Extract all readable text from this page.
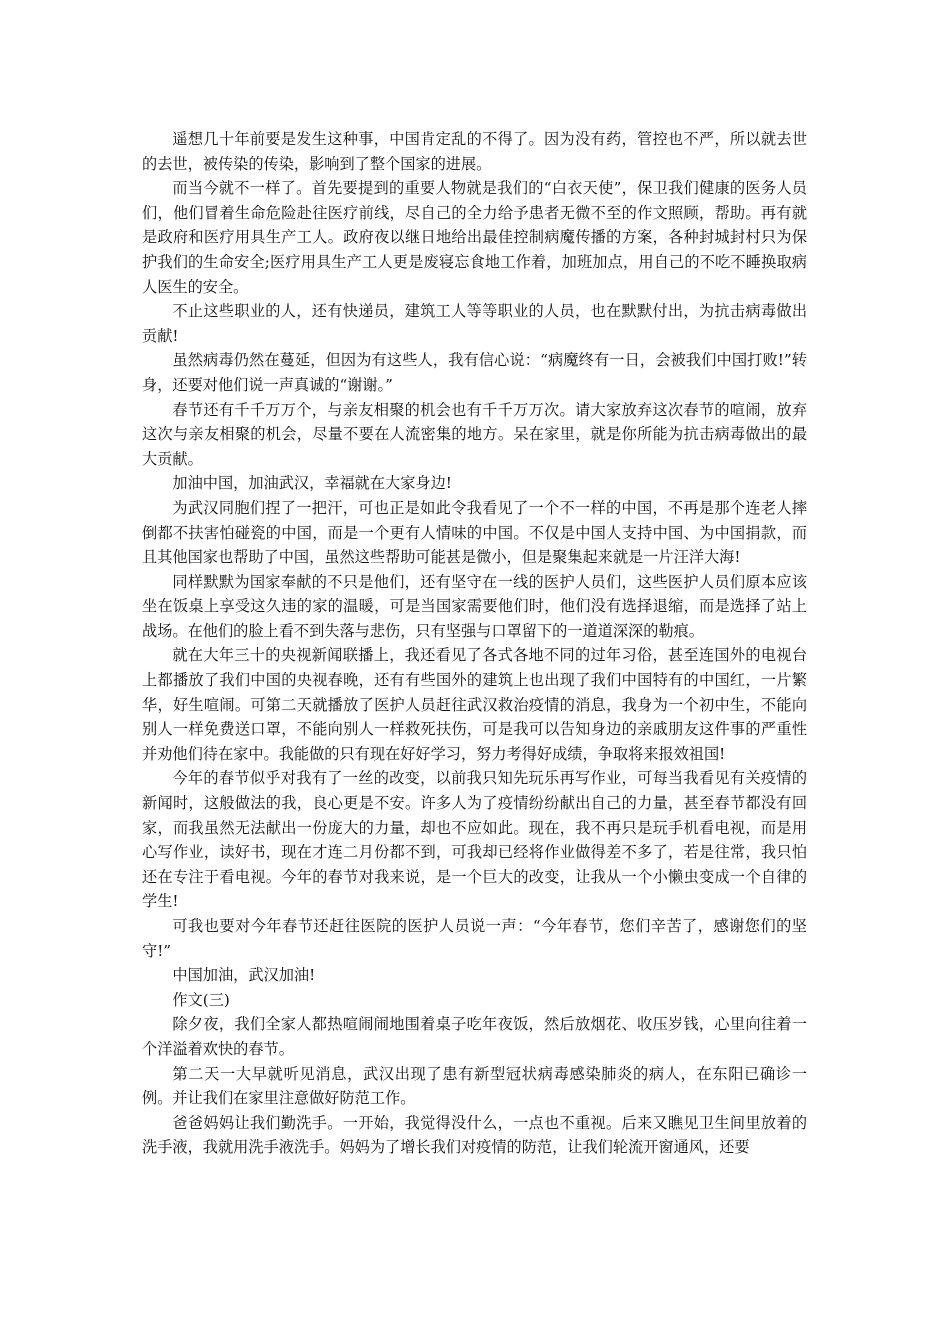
遥想几十年前要是发生这种事，中国肯定乱的不得了。因为没有药，管控也不严，所以就去世的去世，被传染的传染，影响到了整个国家的进展。

而当今就不一样了。首先要提到的重要人物就是我们的“白衣天使”，保卫我们健康的医务人员们，他们冒着生命危险赴往医疗前线，尽自己的全力给予患者无微不至的作文照顾，帮助。再有就是政府和医疗用具生产工人。政府夜以继日地给出最佳控制病魔传播的方案，各种封城封村只为保护我们的生命安全;医疗用具生产工人更是废寝忘食地工作着，加班加点，用自己的不吃不睡换取病人医生的安全。

不止这些职业的人，还有快递员，建筑工人等等职业的人员，也在默默付出，为抗击病毒做出贡献!

虽然病毒仍然在蔓延，但因为有这些人，我有信心说：“病魔终有一日，会被我们中国打败!”转身，还要对他们说一声真诚的“谢谢。”

春节还有千千万万个，与亲友相聚的机会也有千千万万次。请大家放弃这次春节的喧闹，放弃这次与亲友相聚的机会，尽量不要在人流密集的地方。呆在家里，就是你所能为抗击病毒做出的最大贡献。

加油中国，加油武汉，幸福就在大家身边!

为武汉同胞们捏了一把汗，可也正是如此令我看见了一个不一样的中国，不再是那个连老人摔倒都不扶害怕碰瓷的中国，而是一个更有人情味的中国。不仅是中国人支持中国、为中国捐款，而且其他国家也帮助了中国，虽然这些帮助可能甚是微小，但是聚集起来就是一片汪洋大海!

同样默默为国家奉献的不只是他们，还有坚守在一线的医护人员们，这些医护人员们原本应该坐在饭桌上享受这久违的家的温暖，可是当国家需要他们时，他们没有选择退缩，而是选择了站上战场。在他们的脸上看不到失落与悲伤，只有坚强与口罩留下的一道道深深的勒痕。

就在大年三十的央视新闻联播上，我还看见了各式各地不同的过年习俗，甚至连国外的电视台上都播放了我们中国的央视春晚，还有有些国外的建筑上也出现了我们中国特有的中国红，一片繁华，好生喧闹。可第二天就播放了医护人员赶往武汉救治疫情的消息，我身为一个初中生，不能向别人一样免费送口罩，不能向别人一样救死扶伤，可是我可以告知身边的亲戚朋友这件事的严重性并劝他们待在家中。我能做的只有现在好好学习，努力考得好成绩，争取将来报效祖国!

今年的春节似乎对我有了一丝的改变，以前我只知先玩乐再写作业，可每当我看见有关疫情的新闻时，这般做法的我，良心更是不安。许多人为了疫情纷纷献出自己的力量，甚至春节都没有回家，而我虽然无法献出一份庞大的力量，却也不应如此。现在，我不再只是玩手机看电视，而是用心写作业，读好书，现在才连二月份都不到，可我却已经将作业做得差不多了，若是往常，我只怕还在专注于看电视。今年的春节对我来说，是一个巨大的改变，让我从一个小懒虫变成一个自律的学生!

可我也要对今年春节还赶往医院的医护人员说一声：“今年春节，您们辛苦了，感谢您们的坚守!”

中国加油，武汉加油!

作文(三)

除夕夜，我们全家人都热喧闹闹地围着桌子吃年夜饭，然后放烟花、收压岁钱，心里向往着一个洋溢着欢快的春节。

第二天一大早就听见消息，武汉出现了患有新型冠状病毒感染肺炎的病人，在东阳已确诊一例。并让我们在家里注意做好防范工作。

爸爸妈妈让我们勤洗手。一开始，我觉得没什么，一点也不重视。后来又瞧见卫生间里放着的洗手液，我就用洗手液洗手。妈妈为了增长我们对疫情的防范，让我们轮流开窗通风，还要
